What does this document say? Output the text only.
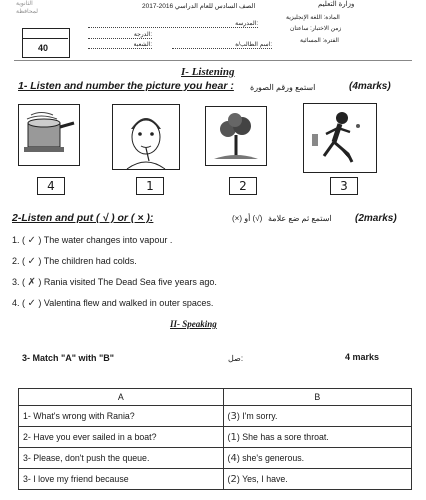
الثانوية
لمحافظة
وزارة التعليم
2017-2016 الصف السادس للعام الدراسي
المادة: اللغة الإنجليزية
المدرسة:
زمن الاختبار: ساعتان
الدرجة:
الفترة: المسائية
الشعبة:	اسم الطالب/ة:
40
I- Listening
1- Listen and number the picture you hear : استمع ورقم الصورة	(4marks)
4	1	2	3
2-Listen and put ( √ ) or ( × ):	(×) أو (√) استمع ثم ضع علامة (2marks)
1. ( ✓ ) The water changes into vapour .
2. ( ✓ ) The children had colds.
3. ( ✗ ) Rania visited The Dead Sea five years ago.
4. ( ✓ ) Valentina flew and walked in outer spaces.
II- Speaking
3- Match "A" with "B"	صل:	4 marks
A	B
1- What's wrong with Rania?	(3) I'm sorry.
2- Have you ever sailed in a boat?	(1) She has a sore throat.
3- Please, don't push the queue.	(4) she's generous.
3- I love my friend because	(2) Yes, I have.
